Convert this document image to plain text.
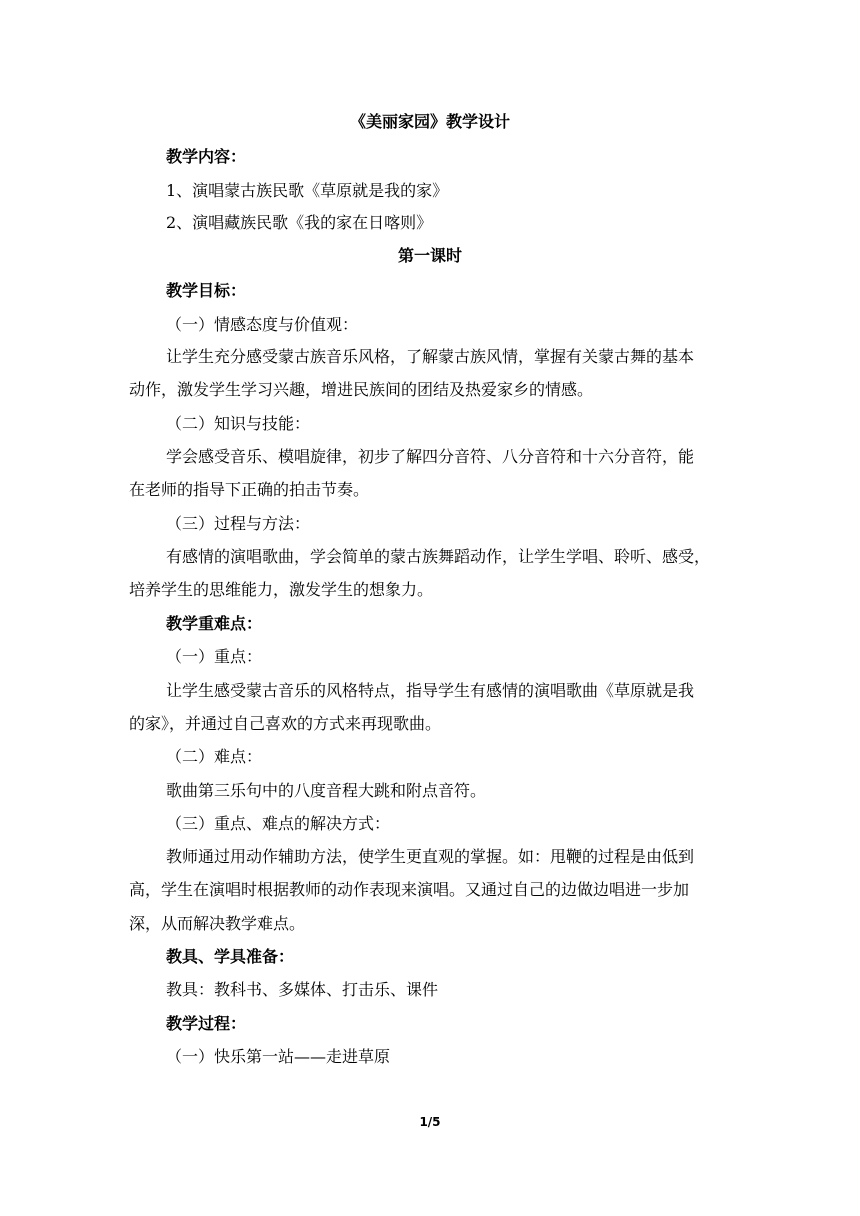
《美丽家园》教学设计
教学内容：
1、演唱蒙古族民歌《草原就是我的家》
2、演唱藏族民歌《我的家在日喀则》
第一课时
教学目标：
（一）情感态度与价值观：
让学生充分感受蒙古族音乐风格，了解蒙古族风情，掌握有关蒙古舞的基本
动作，激发学生学习兴趣，增进民族间的团结及热爱家乡的情感。
（二）知识与技能：
学会感受音乐、模唱旋律，初步了解四分音符、八分音符和十六分音符，能
在老师的指导下正确的拍击节奏。
（三）过程与方法：
有感情的演唱歌曲，学会简单的蒙古族舞蹈动作，让学生学唱、聆听、感受，
培养学生的思维能力，激发学生的想象力。
教学重难点：
（一）重点：
让学生感受蒙古音乐的风格特点，指导学生有感情的演唱歌曲《草原就是我
的家》，并通过自己喜欢的方式来再现歌曲。
（二）难点：
歌曲第三乐句中的八度音程大跳和附点音符。
（三）重点、难点的解决方式：
教师通过用动作辅助方法，使学生更直观的掌握。如：甩鞭的过程是由低到
高，学生在演唱时根据教师的动作表现来演唱。又通过自己的边做边唱进一步加
深，从而解决教学难点。
教具、学具准备：
教具：教科书、多媒体、打击乐、课件
教学过程：
（一）快乐第一站——走进草原
1/5
